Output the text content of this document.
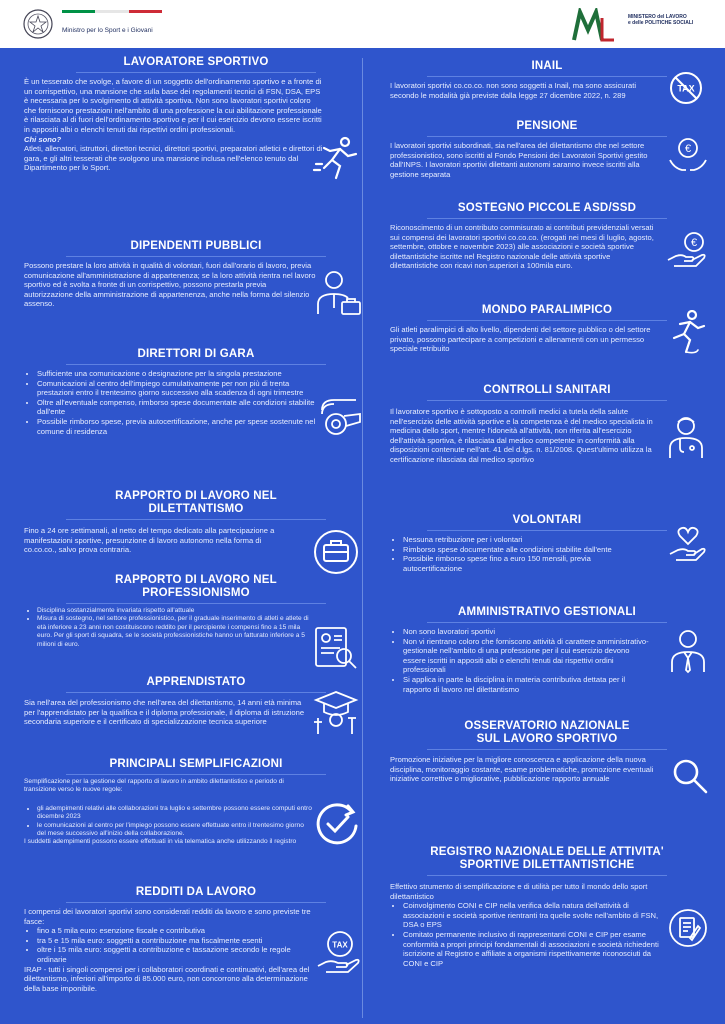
Ministro per lo Sport e i Giovani
MINISTERO del LAVORO
e delle POLITICHE SOCIALI
LAVORATORE SPORTIVO

È un tesserato che svolge, a favore di un soggetto dell'ordinamento sportivo e a fronte di un corrispettivo, una mansione che sulla base dei regolamenti tecnici di FSN, DSA, EPS è necessaria per lo svolgimento di attività sportiva. Non sono lavoratori sportivi coloro che forniscono prestazioni nell'ambito di una professione la cui abilitazione professionale è rilasciata al di fuori dell'ordinamento sportivo e per il cui esercizio devono essere iscritti in appositi albi o elenchi tenuti dai rispettivi ordini professionali.

Chi sono?

Atleti, allenatori, istruttori, direttori tecnici, direttori sportivi, preparatori atletici e direttori di gara, e gli altri tesserati che svolgono una mansione inclusa nell'elenco tenuto dal Dipartimento per lo Sport.

DIPENDENTI PUBBLICI
Possono prestare la loro attività in qualità di volontari, fuori dall'orario di lavoro, previa comunicazione all'amministrazione di appartenenza; se la loro attività rientra nel lavoro sportivo ed è svolta a fronte di un corrispettivo, possono prestarla previa autorizzazione della amministrazione di appartenenza, anche nella forma del silenzio assenso.
DIRETTORI DI GARA
• Sufficiente una comunicazione o designazione per la singola prestazione
• Comunicazioni al centro dell'impiego cumulativamente per non più di trenta prestazioni entro il trentesimo giorno successivo alla scadenza di ogni trimestre
• Oltre all'eventuale compenso, rimborso spese documentate alle condizioni stabilite dall'ente
• Possibile rimborso spese, previa autocertificazione, anche per spese sostenute nel comune di residenza
RAPPORTO DI LAVORO NEL
DILETTANTISMO
Fino a 24 ore settimanali, al netto del tempo dedicato alla partecipazione a manifestazioni sportive, presunzione di lavoro autonomo nella forma di co.co.co., salvo prova contraria.
RAPPORTO DI LAVORO NEL
PROFESSIONISMO
• Disciplina sostanzialmente invariata rispetto all'attuale
• Misura di sostegno, nel settore professionistico, per il graduale inserimento di atleti e atlete di età inferiore a 23 anni non costituiscono reddito per il percipiente i compensi fino a 15 mila euro. Per gli sport di squadra, se le società professionistiche hanno un fatturato inferiore a 5 milioni di euro.
APPRENDISTATO
Sia nell'area del professionismo che nell'area del dilettantismo, 14 anni età minima per l'apprendistato per la qualifica e il diploma professionale, il diploma di istruzione secondaria superiore e il certificato di specializzazione tecnica superiore
PRINCIPALI SEMPLIFICAZIONI

Semplificazione per la gestione del rapporto di lavoro in ambito dilettantistico e periodo di transizione verso le nuove regole:

• gli adempimenti relativi alle collaborazioni tra luglio e settembre possono essere computi entro dicembre 2023
• le comunicazioni al centro per l'impiego possono essere effettuate entro il trentesimo giorno del mese successivo all'inizio della collaborazione.

I suddetti adempimenti possono essere effettuati in via telematica anche utilizzando il registro

REDDITI DA LAVORO

I compensi dei lavoratori sportivi sono considerati redditi da lavoro e sono previste tre fasce:

• fino a 5 mila euro: esenzione fiscale e contributiva
• tra 5 e 15 mila euro: soggetti a contribuzione ma fiscalmente esenti
• oltre i 15 mila euro: soggetti a contribuzione e tassazione secondo le regole ordinarie

IRAP - tutti i singoli compensi per i collaboratori coordinati e continuativi, dell'area del dilettantismo, inferiori all'importo di 85.000 euro, non concorrono alla determinazione della base imponibile.

TAX
INAIL
I lavoratori sportivi co.co.co. non sono soggetti a Inail, ma sono assicurati secondo le modalità già previste dalla legge 27 dicembre 2022, n. 289
TAX
PENSIONE
I lavoratori sportivi subordinati, sia nell'area del dilettantismo che nel settore professionistico, sono iscritti al Fondo Pensioni dei Lavoratori Sportivi gestito dall'INPS. I lavoratori sportivi dilettanti autonomi saranno invece iscritti alla gestione separata
€
SOSTEGNO PICCOLE ASD/SSD
Riconoscimento di un contributo commisurato ai contributi previdenziali versati sui compensi dei lavoratori sportivi co.co.co. (erogati nei mesi di luglio, agosto, settembre, ottobre e novembre 2023) alle associazioni e società sportive dilettantistiche iscritte nel Registro nazionale delle attività sportive dilettantistiche con ricavi non superiori a 100mila euro.
€
MONDO PARALIMPICO
Gli atleti paralimpici di alto livello, dipendenti del settore pubblico o del settore privato, possono partecipare a competizioni e allenamenti con un permesso speciale retribuito
CONTROLLI SANITARI
Il lavoratore sportivo è sottoposto a controlli medici a tutela della salute nell'esercizio delle attività sportive e la competenza è del medico specialista in medicina dello sport, mentre l'idoneità all'attività, non riferita all'esercizio dell'attività sportiva, è rilasciata dal medico competente in conformità alla disposizioni contenute nell'art. 41 del d.lgs. n. 81/2008. Quest'ultimo utilizza la certificazione rilasciata dal medico sportivo
VOLONTARI
• Nessuna retribuzione per i volontari
• Rimborso spese documentate alle condizioni stabilite dall'ente
• Possibile rimborso spese fino a euro 150 mensili, previa autocertificazione
AMMINISTRATIVO GESTIONALI
• Non sono lavoratori sportivi
• Non vi rientrano coloro che forniscono attività di carattere amministrativo-gestionale nell'ambito di una professione per il cui esercizio devono essere iscritti in appositi albi o elenchi tenuti dai rispettivi ordini professionali
• Si applica in parte la disciplina in materia contributiva dettata per il rapporto di lavoro nel dilettantismo
OSSERVATORIO NAZIONALE
SUL LAVORO SPORTIVO
Promozione iniziative per la migliore conoscenza e applicazione della nuova disciplina, monitoraggio costante, esame problematiche, promozione eventuali iniziative correttive o migliorative, pubblicazione rapporto annuale
REGISTRO NAZIONALE DELLE ATTIVITA'
SPORTIVE DILETTANTISTICHE

Effettivo strumento di semplificazione e di utilità per tutto il mondo dello sport dilettantistico

• Coinvolgimento CONI e CIP nella verifica della natura dell'attività di associazioni e società sportive rientranti tra quelle svolte nell'ambito di FSN, DSA o EPS
• Comitato permanente inclusivo di rappresentanti CONI e CIP per esame conformità a propri principi fondamentali di associazioni e società richiedenti iscrizione al Registro e affiliate a organismi rispettivamente riconosciuti da CONI e CIP
